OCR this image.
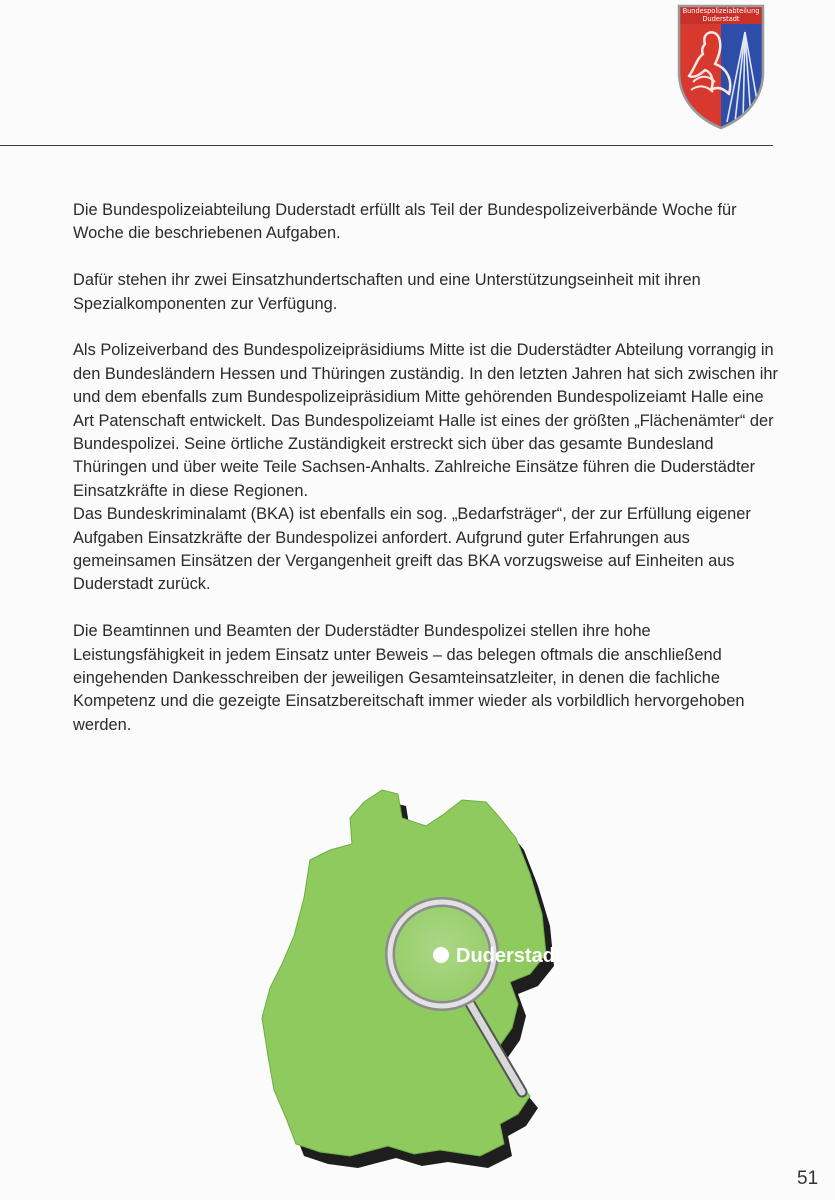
Bundespolizeiabteilung
Duderstadt

Die Bundespolizeiabteilung Duderstadt erfüllt als Teil der Bundespolizeiverbände Woche für Woche die beschriebenen Aufgaben.

Dafür stehen ihr zwei Einsatzhundertschaften und eine Unterstützungseinheit mit ihren Spezialkomponenten zur Verfügung.

Als Polizeiverband des Bundespolizeipräsidiums Mitte ist die Duderstädter Abteilung vorrangig in den Bundesländern Hessen und Thüringen zuständig. In den letzten Jahren hat sich zwischen ihr und dem ebenfalls zum Bundespolizeipräsidium Mitte gehörenden Bundespolizeiamt Halle eine Art Patenschaft entwickelt. Das Bundespolizeiamt Halle ist eines der größten „Flächenämter“ der Bundespolizei. Seine örtliche Zuständigkeit erstreckt sich über das gesamte Bundesland Thüringen und über weite Teile Sachsen-Anhalts. Zahlreiche Einsätze führen die Duderstädter Einsatzkräfte in diese Regionen.

Das Bundeskriminalamt (BKA) ist ebenfalls ein sog. „Bedarfsträger“, der zur Erfüllung eigener Aufgaben Einsatzkräfte der Bundespolizei anfordert. Aufgrund guter Erfahrungen aus gemeinsamen Einsätzen der Vergangenheit greift das BKA vorzugsweise auf Einheiten aus Duderstadt zurück.

Die Beamtinnen und Beamten der Duderstädter Bundespolizei stellen ihre hohe Leistungsfähigkeit in jedem Einsatz unter Beweis – das belegen oftmals die anschließend eingehenden Dankesschreiben der jeweiligen Gesamteinsatzleiter, in denen die fachliche Kompetenz und die gezeigte Einsatzbereitschaft immer wieder als vorbildlich hervorgehoben werden.

Duderstadt
51
